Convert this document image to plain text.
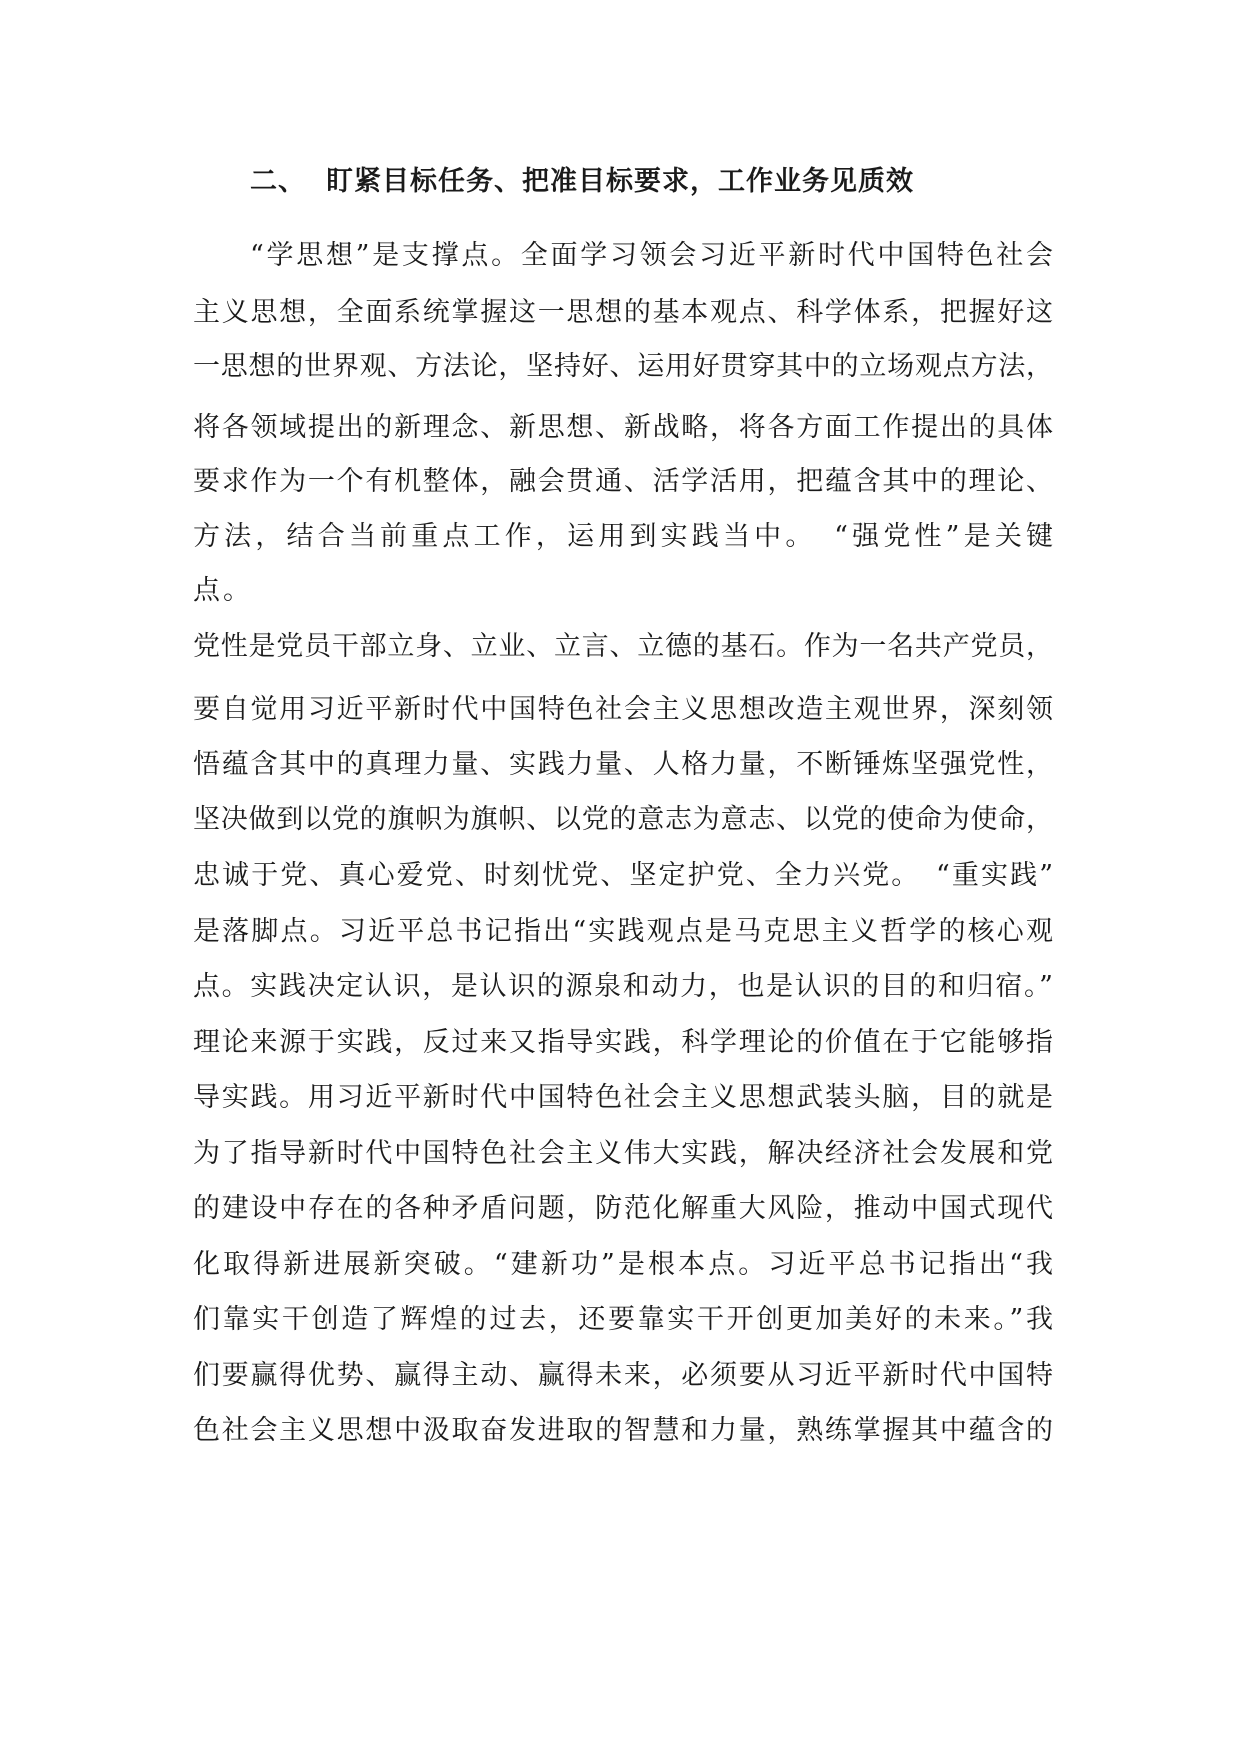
二、 盯紧目标任务、把准目标要求，工作业务见质效
“学思想”是支撑点。全面学习领会习近平新时代中国特色社会
主义思想，全面系统掌握这一思想的基本观点、科学体系，把握好这
一思想的世界观、方法论，坚持好、运用好贯穿其中的立场观点方法，
将各领域提出的新理念、新思想、新战略，将各方面工作提出的具体
要求作为一个有机整体，融会贯通、活学活用，把蕴含其中的理论、
方法，结合当前重点工作，运用到实践当中。　“强党性”是关键
点。
党性是党员干部立身、立业、立言、立德的基石。作为一名共产党员，
要自觉用习近平新时代中国特色社会主义思想改造主观世界，深刻领
悟蕴含其中的真理力量、实践力量、人格力量，不断锤炼坚强党性，
坚决做到以党的旗帜为旗帜、以党的意志为意志、以党的使命为使命，
忠诚于党、真心爱党、时刻忧党、坚定护党、全力兴党。　“重实践”
是落脚点。习近平总书记指出“实践观点是马克思主义哲学的核心观
点。实践决定认识，是认识的源泉和动力，也是认识的目的和归宿。”
理论来源于实践，反过来又指导实践，科学理论的价值在于它能够指
导实践。用习近平新时代中国特色社会主义思想武装头脑，目的就是
为了指导新时代中国特色社会主义伟大实践，解决经济社会发展和党
的建设中存在的各种矛盾问题，防范化解重大风险，推动中国式现代
化取得新进展新突破。“建新功”是根本点。习近平总书记指出“我
们靠实干创造了辉煌的过去，还要靠实干开创更加美好的未来。”我
们要赢得优势、赢得主动、赢得未来，必须要从习近平新时代中国特
色社会主义思想中汲取奋发进取的智慧和力量，熟练掌握其中蕴含的
